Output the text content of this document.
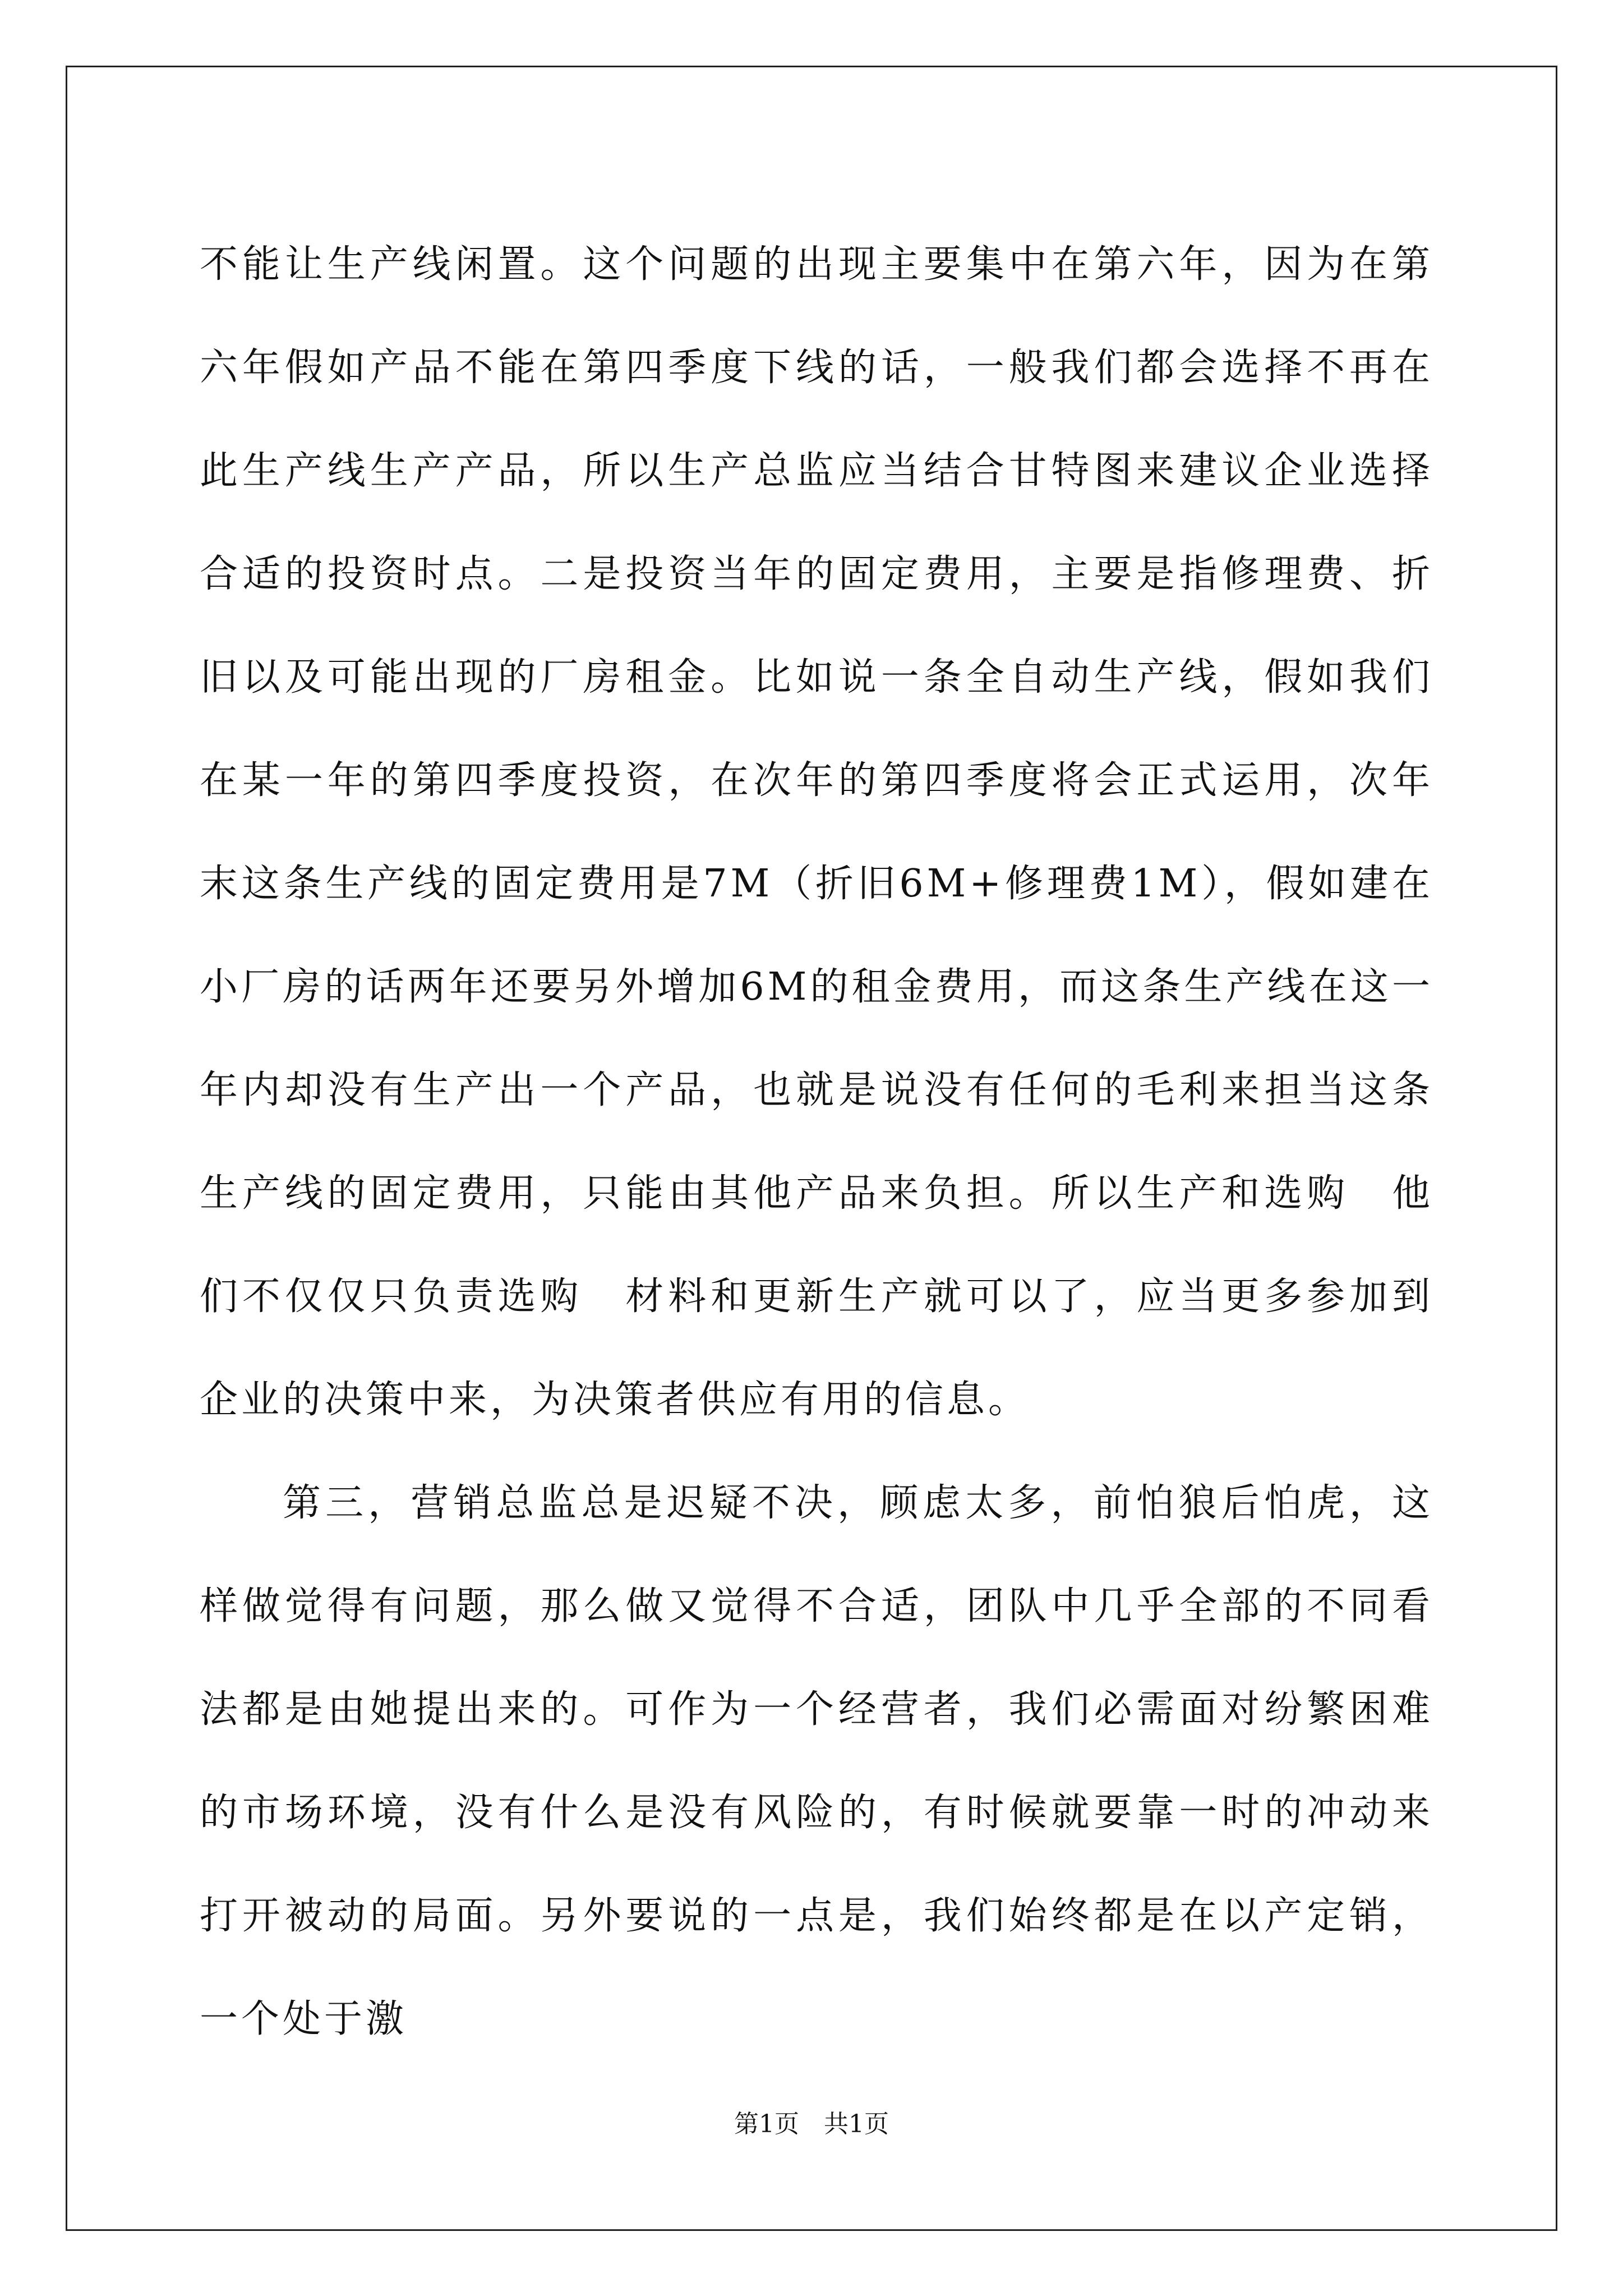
不能让生产线闲置。这个问题的出现主要集中在第六年，因为在第六年假如产品不能在第四季度下线的话，一般我们都会选择不再在此生产线生产产品，所以生产总监应当结合甘特图来建议企业选择合适的投资时点。二是投资当年的固定费用，主要是指修理费、折旧以及可能出现的厂房租金。比如说一条全自动生产线，假如我们在某一年的第四季度投资，在次年的第四季度将会正式运用，次年末这条生产线的固定费用是7M（折旧6M+修理费1M），假如建在小厂房的话两年还要另外增加6M的租金费用，而这条生产线在这一年内却没有生产出一个产品，也就是说没有任何的毛利来担当这条生产线的固定费用，只能由其他产品来负担。所以生产和选购　他们不仅仅只负责选购　材料和更新生产就可以了，应当更多参加到企业的决策中来，为决策者供应有用的信息。

第三，营销总监总是迟疑不决，顾虑太多，前怕狼后怕虎，这样做觉得有问题，那么做又觉得不合适，团队中几乎全部的不同看法都是由她提出来的。可作为一个经营者，我们必需面对纷繁困难的市场环境，没有什么是没有风险的，有时候就要靠一时的冲动来打开被动的局面。另外要说的一点是，我们始终都是在以产定销，一个处于激

第1页　共1页
